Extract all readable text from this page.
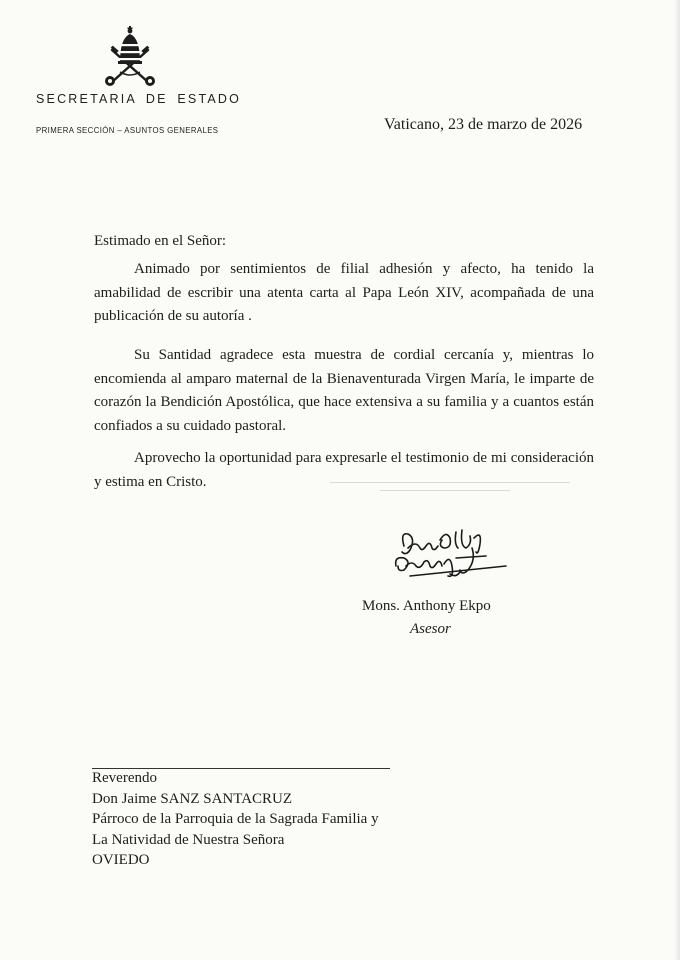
SECRETARIA DE ESTADO
PRIMERA SECCIÓN – ASUNTOS GENERALES	Vaticano, 23 de marzo de 2026
Estimado en el Señor:

Animado por sentimientos de filial adhesión y afecto, ha tenido la amabilidad de escribir una atenta carta al Papa León XIV, acompañada de una publicación de su autoría .

Su Santidad agradece esta muestra de cordial cercanía y, mientras lo encomienda al amparo maternal de la Bienaventurada Virgen María, le imparte de corazón la Bendición Apostólica, que hace extensiva a su familia y a cuantos están confiados a su cuidado pastoral.

Aprovecho la oportunidad para expresarle el testimonio de mi consideración y estima en Cristo.

Mons. Anthony Ekpo
Asesor
Reverendo
Don Jaime SANZ SANTACRUZ
Párroco de la Parroquia de la Sagrada Familia y
La Natividad de Nuestra Señora
OVIEDO
